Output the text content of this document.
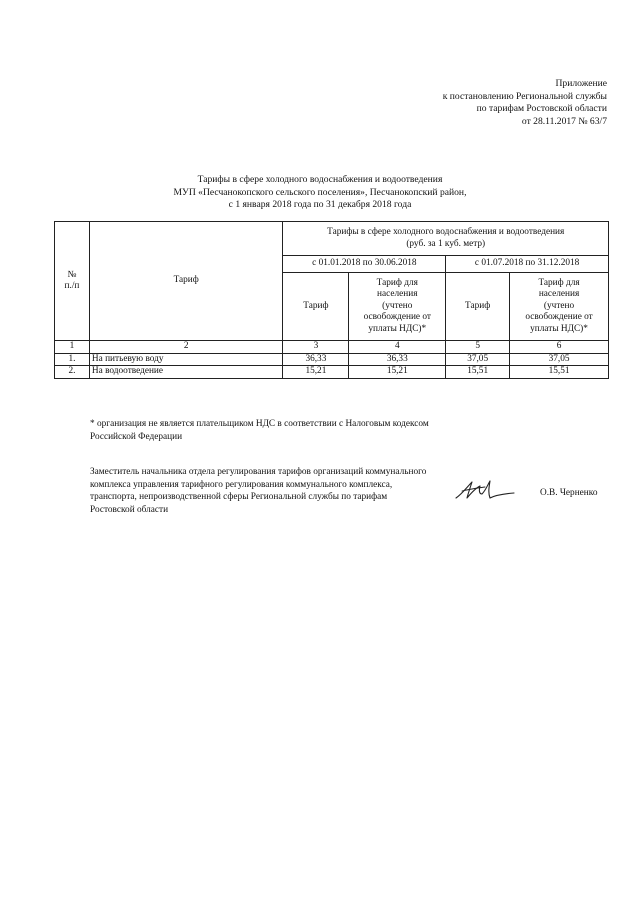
Приложение
к постановлению Региональной службы
по тарифам Ростовской области
от 28.11.2017 № 63/7
Тарифы в сфере холодного водоснабжения и водоотведения
МУП «Песчанокопского сельского поселения», Песчанокопский район,
с 1 января 2018 года по 31 декабря 2018 года
№
п./п	Тариф	Тарифы в сфере холодного водоснабжения и водоотведения
(руб. за 1 куб. метр)			
		с 01.01.2018 по 30.06.2018		с 01.07.2018 по 31.12.2018	
		Тариф	Тариф для
населения
(учтено
освобождение от
уплаты НДС)*	Тариф	Тариф для
населения
(учтено
освобождение от
уплаты НДС)*
1	2	3	4	5	6
1.	На питьевую воду	36,33	36,33	37,05	37,05
2.	На водоотведение	15,21	15,21	15,51	15,51
* организация не является плательщиком НДС в соответствии с Налоговым кодексом Российской Федерации
Заместитель начальника отдела регулирования тарифов организаций коммунального комплекса управления тарифного регулирования коммунального комплекса, транспорта, непроизводственной сферы Региональной службы по тарифам Ростовской области
О.В. Черненко
